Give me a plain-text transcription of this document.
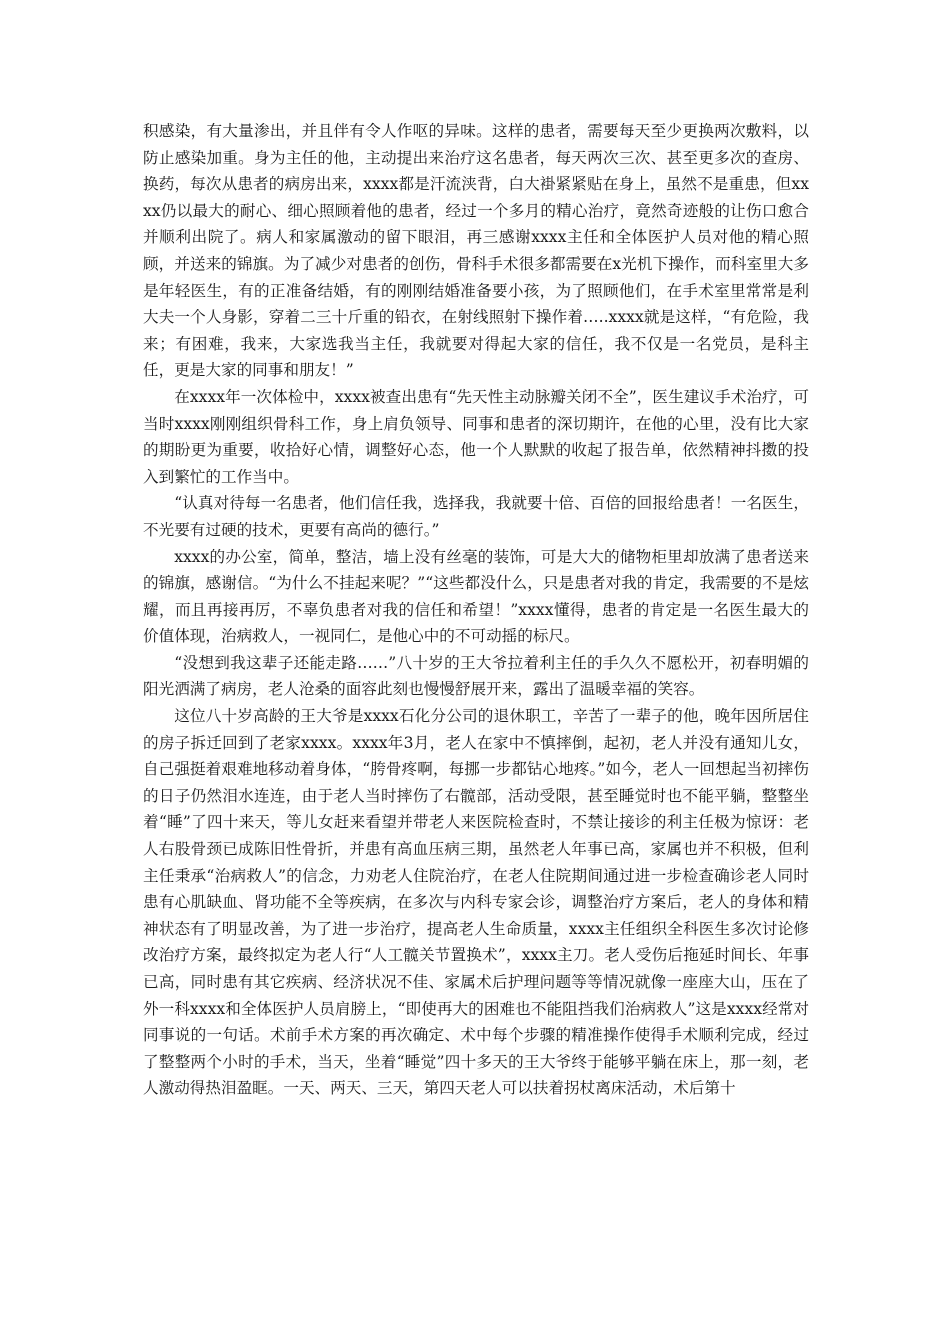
积感染，有大量渗出，并且伴有令人作呕的异味。这样的患者，需要每天至少更换两次敷料，以防止感染加重。身为主任的他，主动提出来治疗这名患者，每天两次三次、甚至更多次的查房、换药，每次从患者的病房出来，xxxx都是汗流浃背，白大褂紧紧贴在身上，虽然不是重患，但xxxx仍以最大的耐心、细心照顾着他的患者，经过一个多月的精心治疗，竟然奇迹般的让伤口愈合并顺利出院了。病人和家属激动的留下眼泪，再三感谢xxxx主任和全体医护人员对他的精心照顾，并送来的锦旗。为了减少对患者的创伤，骨科手术很多都需要在x光机下操作，而科室里大多是年轻医生，有的正准备结婚，有的刚刚结婚准备要小孩，为了照顾他们，在手术室里常常是利大夫一个人身影，穿着二三十斤重的铅衣，在射线照射下操作着…..xxxx就是这样，“有危险，我来；有困难，我来，大家选我当主任，我就要对得起大家的信任，我不仅是一名党员，是科主任，更是大家的同事和朋友！”

在xxxx年一次体检中，xxxx被查出患有“先天性主动脉瓣关闭不全”，医生建议手术治疗，可当时xxxx刚刚组织骨科工作，身上肩负领导、同事和患者的深切期许，在他的心里，没有比大家的期盼更为重要，收拾好心情，调整好心态，他一个人默默的收起了报告单，依然精神抖擞的投入到繁忙的工作当中。

“认真对待每一名患者，他们信任我，选择我，我就要十倍、百倍的回报给患者！一名医生，不光要有过硬的技术，更要有高尚的德行。”

xxxx的办公室，简单，整洁，墙上没有丝毫的装饰，可是大大的储物柜里却放满了患者送来的锦旗，感谢信。“为什么不挂起来呢？”“这些都没什么，只是患者对我的肯定，我需要的不是炫耀，而且再接再厉，不辜负患者对我的信任和希望！”xxxx懂得，患者的肯定是一名医生最大的价值体现，治病救人，一视同仁，是他心中的不可动摇的标尺。

“没想到我这辈子还能走路……”八十岁的王大爷拉着利主任的手久久不愿松开，初春明媚的阳光洒满了病房，老人沧桑的面容此刻也慢慢舒展开来，露出了温暖幸福的笑容。

这位八十岁高龄的王大爷是xxxx石化分公司的退休职工，辛苦了一辈子的他，晚年因所居住的房子拆迁回到了老家xxxx。xxxx年3月，老人在家中不慎摔倒，起初，老人并没有通知儿女，自己强挺着艰难地移动着身体，“胯骨疼啊，每挪一步都钻心地疼。”如今，老人一回想起当初摔伤的日子仍然泪水连连，由于老人当时摔伤了右髋部，活动受限，甚至睡觉时也不能平躺，整整坐着“睡”了四十来天，等儿女赶来看望并带老人来医院检查时，不禁让接诊的利主任极为惊讶：老人右股骨颈已成陈旧性骨折，并患有高血压病三期，虽然老人年事已高，家属也并不积极，但利主任秉承“治病救人”的信念，力劝老人住院治疗，在老人住院期间通过进一步检查确诊老人同时患有心肌缺血、肾功能不全等疾病，在多次与内科专家会诊，调整治疗方案后，老人的身体和精神状态有了明显改善，为了进一步治疗，提高老人生命质量，xxxx主任组织全科医生多次讨论修改治疗方案，最终拟定为老人行“人工髋关节置换术”，xxxx主刀。老人受伤后拖延时间长、年事已高，同时患有其它疾病、经济状况不佳、家属术后护理问题等等情况就像一座座大山，压在了外一科xxxx和全体医护人员肩膀上，“即使再大的困难也不能阻挡我们治病救人”这是xxxx经常对同事说的一句话。术前手术方案的再次确定、术中每个步骤的精准操作使得手术顺利完成，经过了整整两个小时的手术，当天，坐着“睡觉”四十多天的王大爷终于能够平躺在床上，那一刻，老人激动得热泪盈眶。一天、两天、三天，第四天老人可以扶着拐杖离床活动，术后第十
